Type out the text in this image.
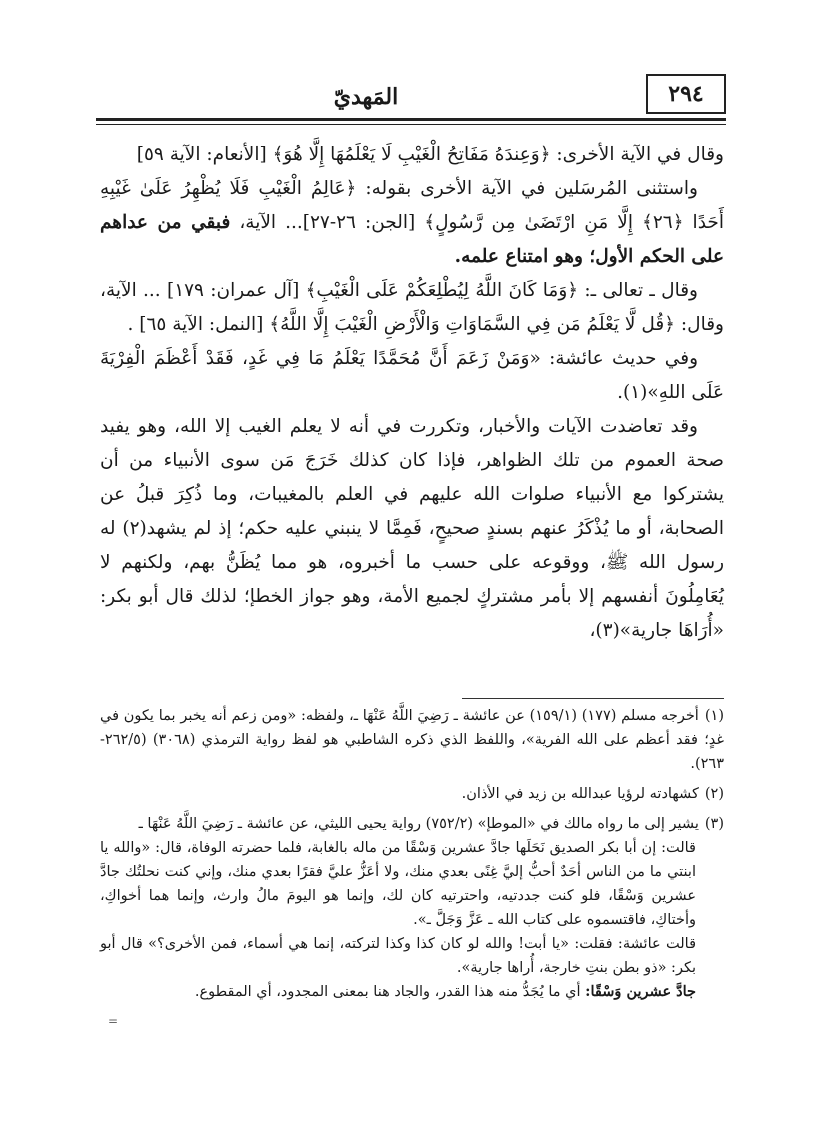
٢٩٤
المَهديّ

وقال في الآية الأخرى: ﴿وَعِندَهُ مَفَاتِحُ الْغَيْبِ لَا يَعْلَمُهَا إِلَّا هُوَ﴾ [الأنعام: الآية ٥٩]

واستثنى المُرسَلين في الآية الأخرى بقوله: ﴿عَالِمُ الْغَيْبِ فَلَا يُظْهِرُ عَلَىٰ غَيْبِهِ أَحَدًا ﴿٢٦﴾ إِلَّا مَنِ ارْتَضَىٰ مِن رَّسُولٍ﴾ [الجن: ٢٦-٢٧]... الآية، فبقي من عداهم على الحكم الأول؛ وهو امتناع علمه.

وقال ـ تعالى ـ: ﴿وَمَا كَانَ اللَّهُ لِيُطْلِعَكُمْ عَلَى الْغَيْبِ﴾ [آل عمران: ١٧٩] ... الآية، وقال: ﴿قُل لَّا يَعْلَمُ مَن فِي السَّمَاوَاتِ وَالْأَرْضِ الْغَيْبَ إِلَّا اللَّهُ﴾ [النمل: الآية ٦٥] .

وفي حديث عائشة: «وَمَنْ زَعَمَ أَنَّ مُحَمَّدًا يَعْلَمُ مَا فِي غَدٍ، فَقَدْ أَعْظَمَ الْفِرْيَةَ عَلَى اللهِ»(١).

وقد تعاضدت الآيات والأخبار، وتكررت في أنه لا يعلم الغيب إلا الله، وهو يفيد صحة العموم من تلك الظواهر، فإذا كان كذلك خَرَجَ مَن سوى الأنبياء من أن يشتركوا مع الأنبياء صلوات الله عليهم في العلم بالمغيبات، وما ذُكِرَ قبلُ عن الصحابة، أو ما يُذْكَرُ عنهم بسندٍ صحيحٍ، فَمِمَّا لا ينبني عليه حكم؛ إذ لم يشهد(٢) له رسول الله ﷺ، ووقوعه على حسب ما أخبروه، هو مما يُظَنُّ بهم، ولكنهم لا يُعَامِلُونَ أنفسهم إلا بأمر مشتركٍ لجميع الأمة، وهو جواز الخطإ؛ لذلك قال أبو بكر: «أُرَاهَا جارية»(٣)،

(١)أخرجه مسلم (١٧٧) (١٥٩/١) عن عائشة ـ رَضِيَ اللَّهُ عَنْهَا ـ، ولفظه: «ومن زعم أنه يخبر بما يكون في غدٍ؛ فقد أعظم على الله الفرية»، واللفظ الذي ذكره الشاطبي هو لفظ رواية الترمذي (٣٠٦٨) (٢٦٢/٥- ٢٦٣).

(٢)كشهادته لرؤيا عبدالله بن زيد في الأذان.

(٣)يشير إلى ما رواه مالك في «الموطإ» (٧٥٢/٢) رواية يحيى الليثي، عن عائشة ـ رَضِيَ اللَّهُ عَنْهَا ـ

قالت: إن أبا بكر الصديق نَحَلَها جادَّ عشرين وَسْقًا من ماله بالغابة، فلما حضرته الوفاة، قال: «والله يا ابنتي ما من الناس أحَدٌ أحبُّ إليَّ غِنًى بعدي منك، ولا أعَزُّ عليَّ فقرًا بعدي منك، وإني كنت نحلتُك جادَّ عشرين وَسْقًا، فلو كنت جددتيه، واحترتيه كان لك، وإنما هو اليومَ مالُ وارث، وإنما هما أخواكِ، وأختاكِ، فاقتسموه على كتاب الله ـ عَزَّ وَجَلَّ ـ».

قالت عائشة: فقلت: «يا أبت! والله لو كان كذا وكذا لتركته، إنما هي أسماء، فمن الأخرى؟» قال أبو بكر: «ذو بطن بنتِ خارجة، أُراها جارية».

جادَّ عشرين وَسْقًا: أي ما يُجَدُّ منه هذا القدر، والجاد هنا بمعنى المجدود، أي المقطوع.

=
